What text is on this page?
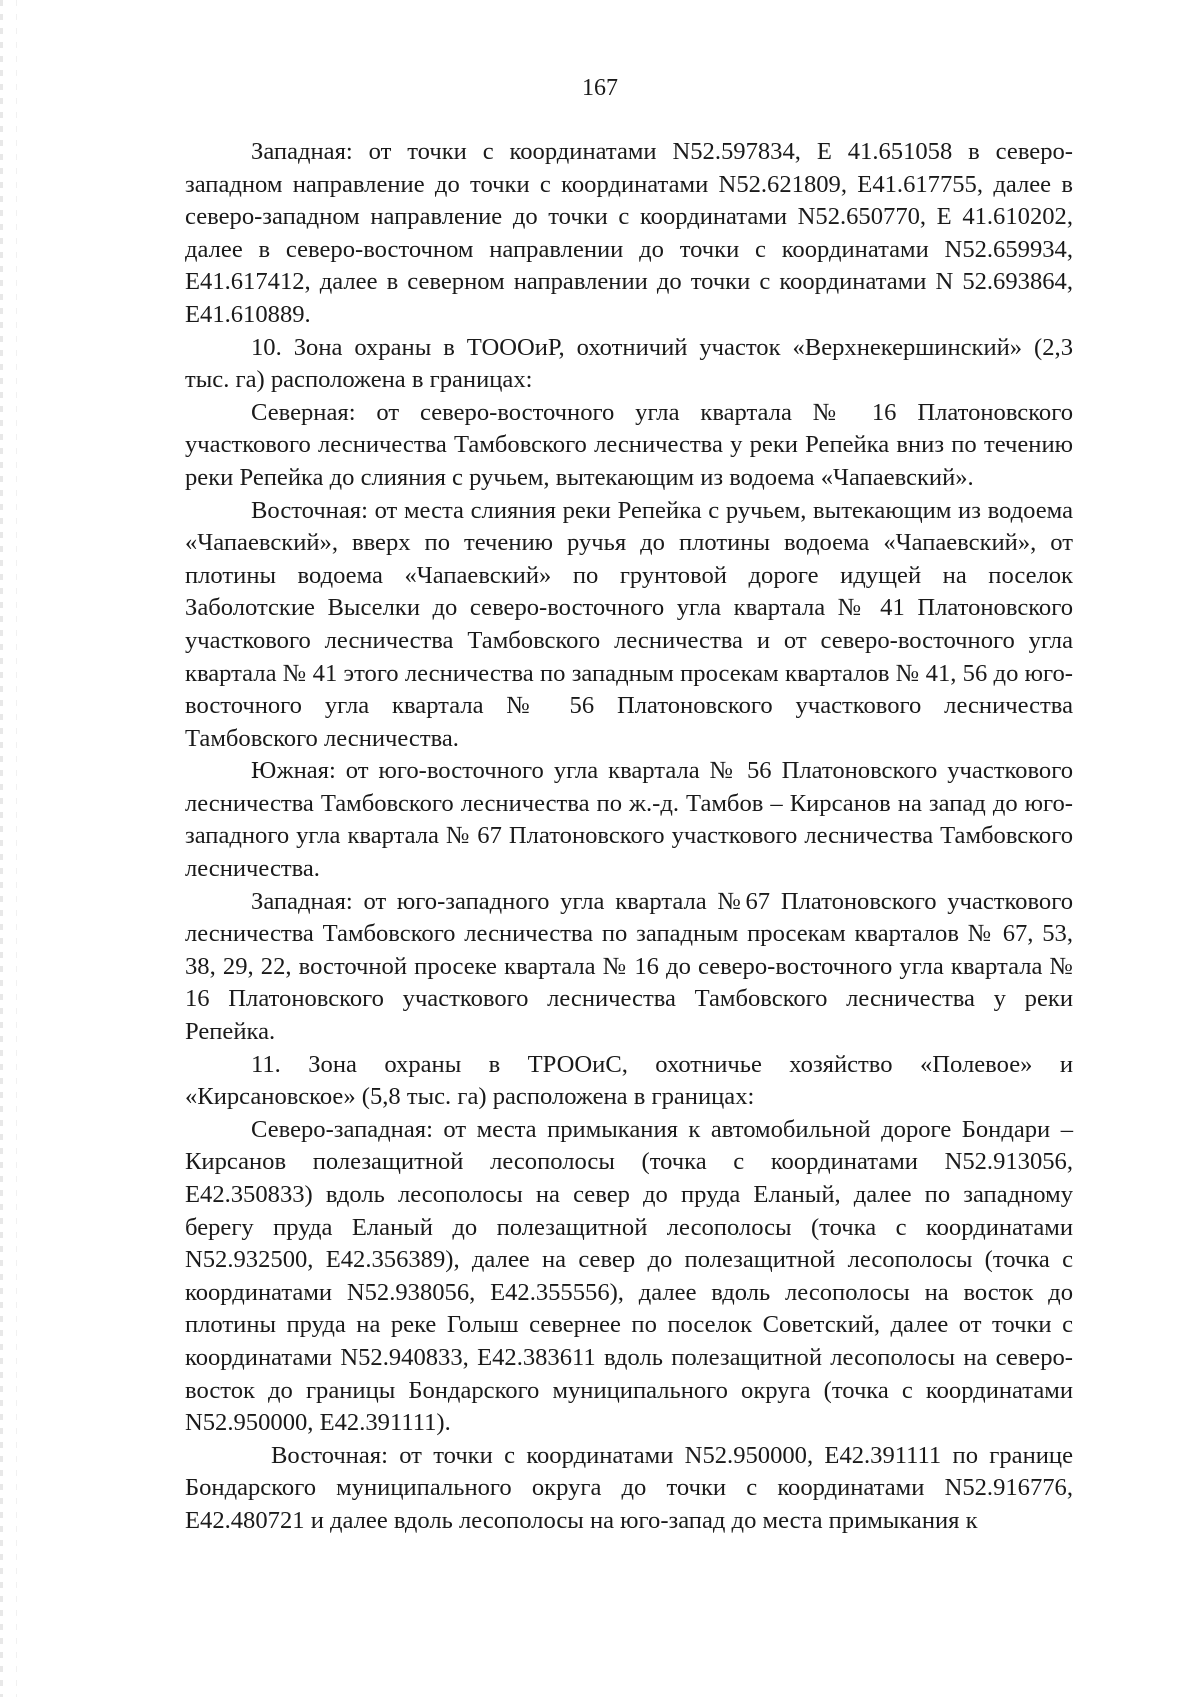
167

Западная: от точки с координатами N52.597834, E 41.651058 в северо-западном направление до точки с координатами N52.621809, E41.617755, далее в северо-западном направление до точки с координатами N52.650770, E 41.610202, далее в северо-восточном направлении до точки с координатами N52.659934, E41.617412, далее в северном направлении до точки с координатами N 52.693864, E41.610889.

10. Зона охраны в ТОООиР, охотничий участок «Верхнекершинский» (2,3 тыс. га) расположена в границах:

Северная: от северо-восточного угла квартала № 16 Платоновского участкового лесничества Тамбовского лесничества у реки Репейка вниз по течению реки Репейка до слияния с ручьем, вытекающим из водоема «Чапаевский».

Восточная: от места слияния реки Репейка с ручьем, вытекающим из водоема «Чапаевский», вверх по течению ручья до плотины водоема «Чапаевский», от плотины водоема «Чапаевский» по грунтовой дороге идущей на поселок Заболотские Выселки до северо-восточного угла квартала № 41 Платоновского участкового лесничества Тамбовского лесничества и от северо-восточного угла квартала № 41 этого лесничества по западным просекам кварталов № 41, 56 до юго-восточного угла квартала № 56 Платоновского участкового лесничества Тамбовского лесничества.

Южная: от юго-восточного угла квартала № 56 Платоновского участкового лесничества Тамбовского лесничества по ж.-д. Тамбов – Кирсанов на запад до юго-западного угла квартала № 67 Платоновского участкового лесничества Тамбовского лесничества.

Западная: от юго-западного угла квартала №67 Платоновского участкового лесничества Тамбовского лесничества по западным просекам кварталов № 67, 53, 38, 29, 22, восточной просеке квартала № 16 до северо-восточного угла квартала № 16 Платоновского участкового лесничества Тамбовского лесничества у реки Репейка.

11. Зона охраны в ТРООиС, охотничье хозяйство «Полевое» и «Кирсановское» (5,8 тыс. га) расположена в границах:

Северо-западная: от места примыкания к автомобильной дороге Бондари – Кирсанов полезащитной лесополосы (точка с координатами N52.913056, E42.350833) вдоль лесополосы на север до пруда Еланый, далее по западному берегу пруда Еланый до полезащитной лесополосы (точка с координатами N52.932500, E42.356389), далее на север до полезащитной лесополосы (точка с координатами N52.938056, E42.355556), далее вдоль лесополосы на восток до плотины пруда на реке Голыш севернее по поселок Советский, далее от точки с координатами N52.940833, E42.383611 вдоль полезащитной лесополосы на северо-восток до границы Бондарского муниципального округа (точка с координатами N52.950000, E42.391111).

Восточная: от точки с координатами N52.950000, E42.391111 по границе Бондарского муниципального округа до точки с координатами N52.916776, E42.480721 и далее вдоль лесополосы на юго-запад до места примыкания к
